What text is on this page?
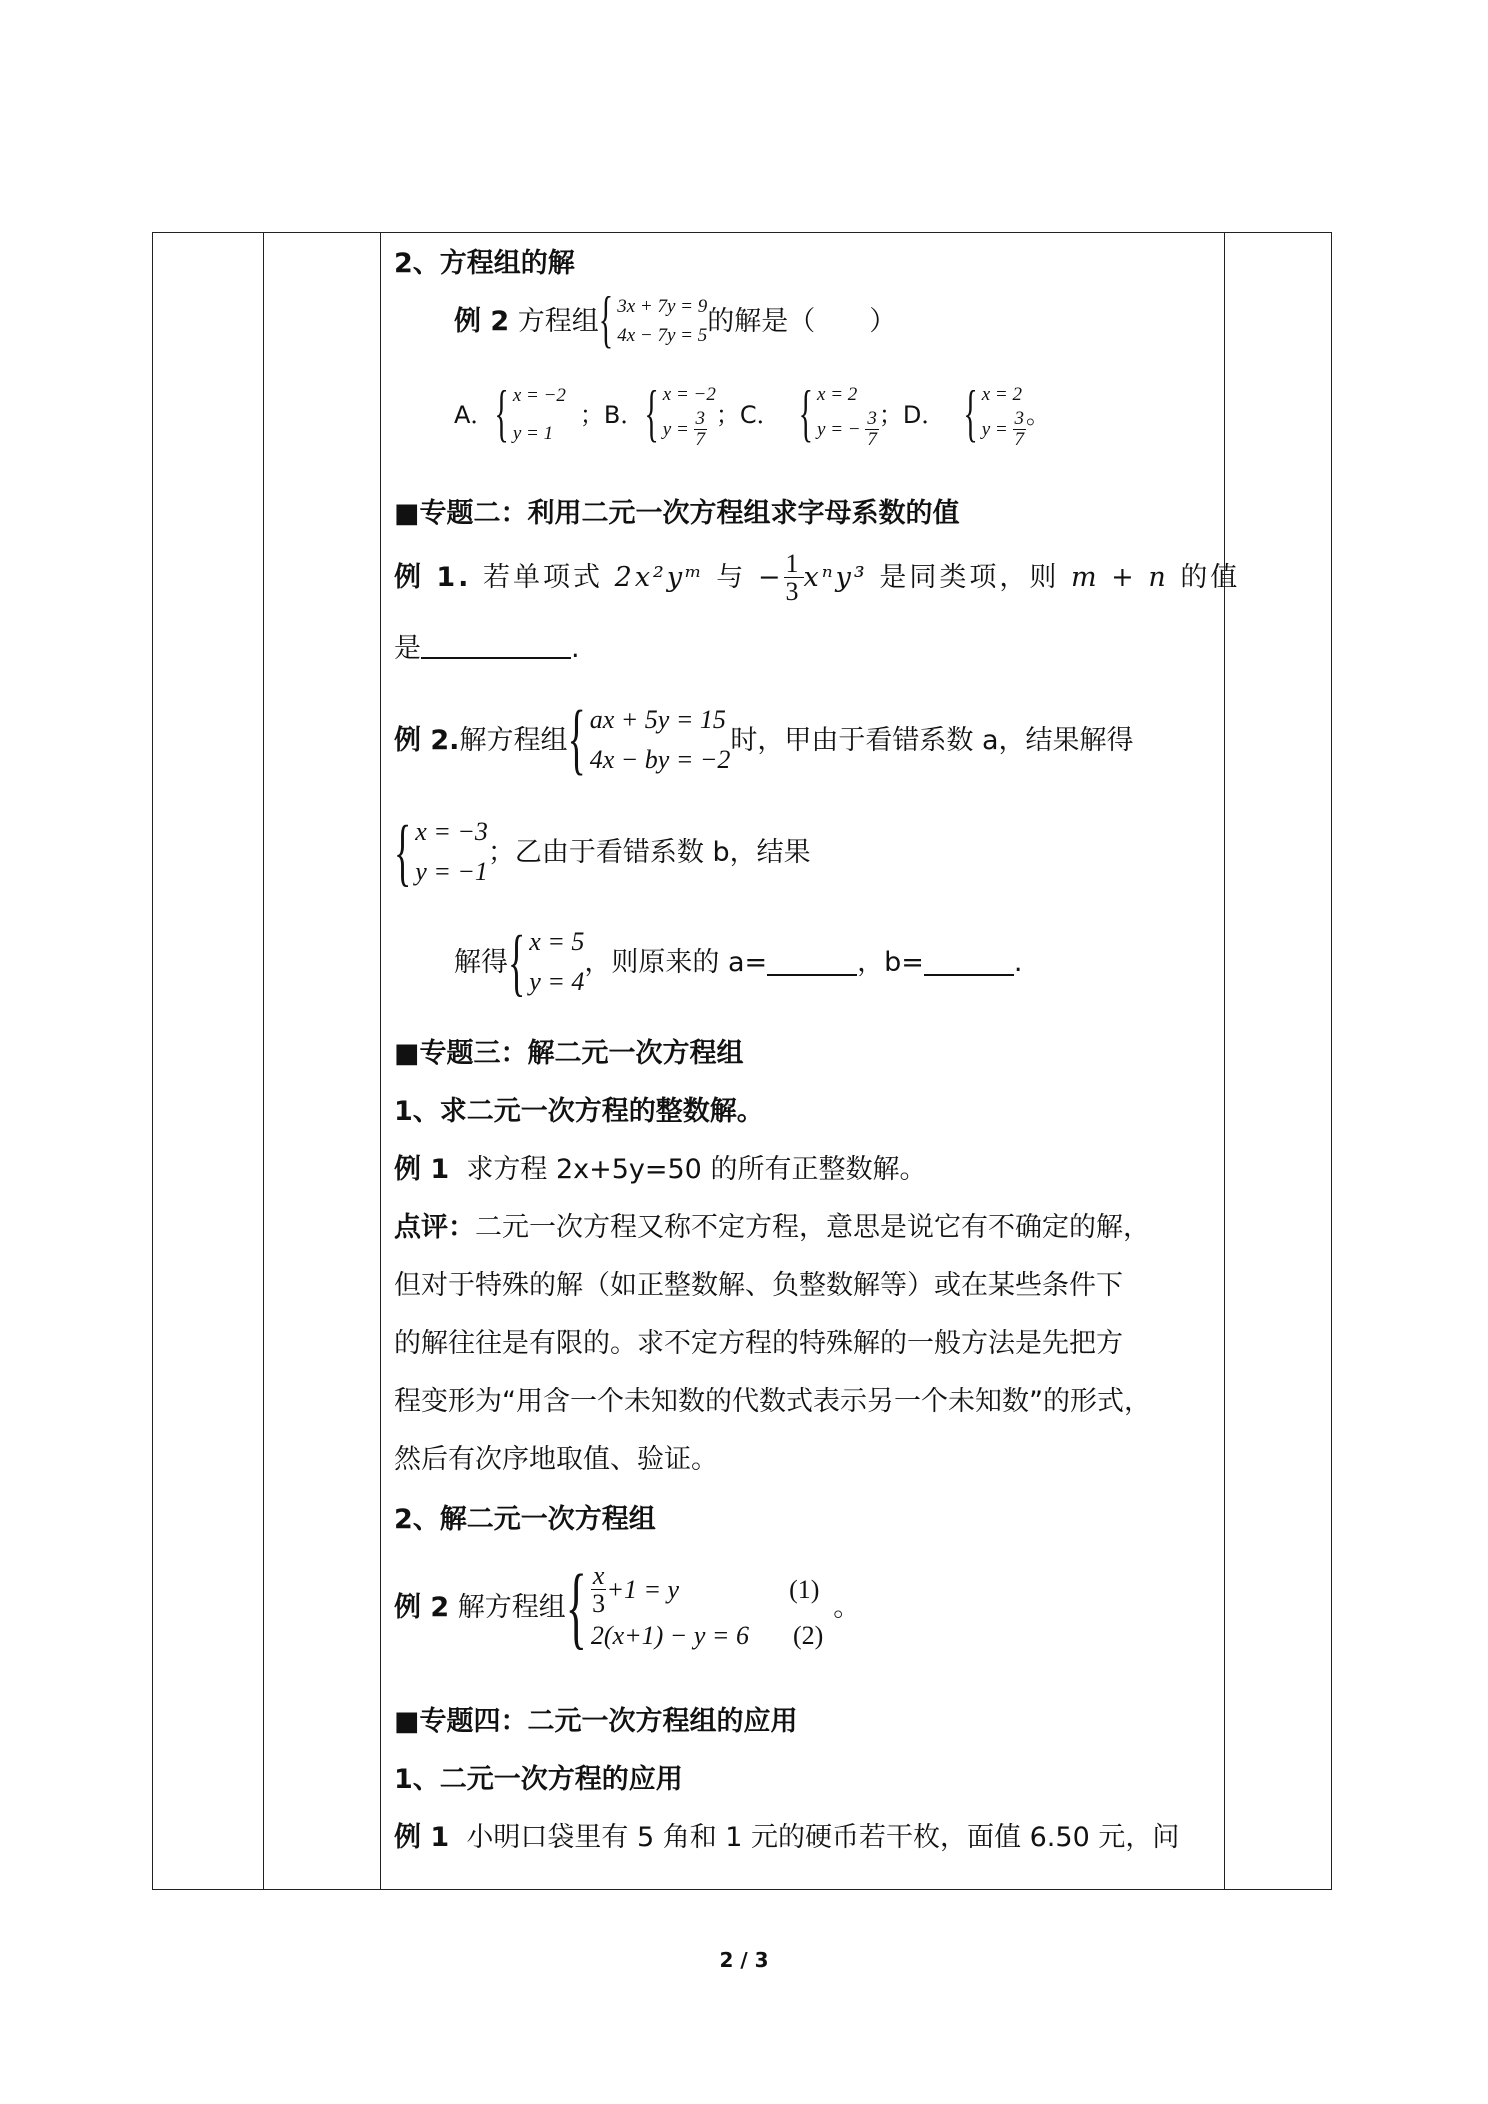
2、方程组的解
例 2
方程组 { 3x + 7y = 9
4x − 7y = 5 的解是（　　）
A． { x = −2
y = 1
；B． { x = −2
y =
$\frac{3}{7}$ ；C． { x = 2
y = −
$\frac{3}{7}$ ；D． { x = 2
y =
$\frac{3}{7}$ 。
■专题二：利用二元一次方程组求字母系数的值
例 1.
若单项式
2x²yᵐ
与
− $\frac{1}{3} x^ny^3$
是同类项，则
m + n
的值
是	.
例 2. 解方程组 { ax + 5y = 15
4x − by = −2
时，甲由于看错系数 a，结果解得
{ x = −3
y = −1
；乙由于看错系数 b，结果
解得 { x = 5
y = 4
，则原来的 a=	，b=	.
■专题三：解二元一次方程组
1、求二元一次方程的整数解。
例 1 求方程 2x+5y=50 的所有正整数解。
点评：二元一次方程又称不定方程，意思是说它有不确定的解，
但对于特殊的解（如正整数解、负整数解等）或在某些条件下
的解往往是有限的。求不定方程的特殊解的一般方法是先把方
程变形为“用含一个未知数的代数式表示另一个未知数”的形式，
然后有次序地取值、验证。
2、解二元一次方程组
例 2
解方程组 { $\frac{x}{3} +1 = y$	(1)
2(x+1) − y = 6 (2)
。
■专题四：二元一次方程组的应用
1、二元一次方程的应用
例 1 小明口袋里有 5 角和 1 元的硬币若干枚，面值 6.50 元，问
2 / 3
